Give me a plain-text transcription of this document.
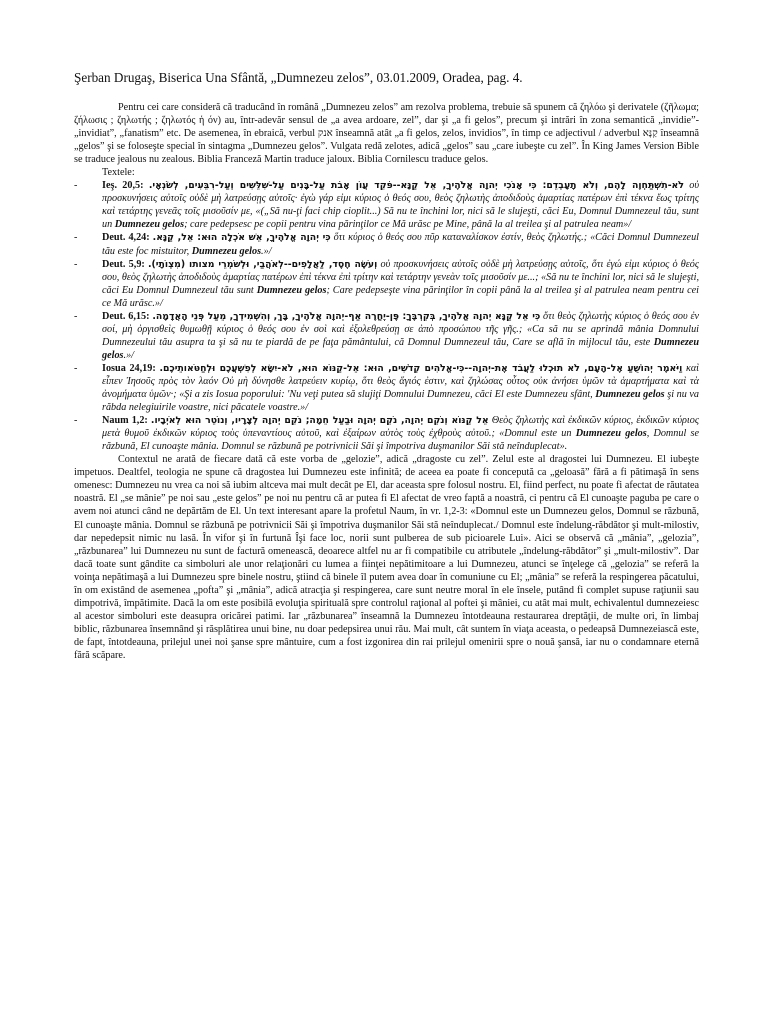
Şerban Drugaş, Biserica Una Sfântă, „Dumnezeu zelos”, 03.01.2009, Oradea, pag. 4.

Pentru cei care consideră că traducând în română „Dumnezeu zelos” am rezolva problema, trebuie să spunem că ζηλόω şi derivatele (ζῆλωμα; ζήλωσις ; ζηλωτής ; ζηλωτός ἡ όν) au, într-adevăr sensul de „a avea ardoare, zel”, dar şi „a fi gelos”, precum şi intrări în zona semantică „invidie”-„invidiat”, „fanatism” etc. De asemenea, în ebraică, verbul אנק înseamnă atât „a fi gelos, zelos, invidios”, în timp ce adjectivul / adverbul קַנָּא înseamnă „gelos” şi se foloseşte special în sintagma „Dumnezeu gelos”. Vulgata redă zelotes, adică „gelos” sau „care iubeşte cu zel”. În King James Version Bible se traduce jealous nu zealous. Biblia Franceză Martin traduce jaloux. Biblia Cornilescu traduce gelos.

Textele:

- Ieş. 20,5: לֹא-תִשְׁתַּחְוֶה לָהֶם, וְלֹא תָעָבְדֵם: כִּי אָנֹכִי יְהוָה אֱלֹהֶיךָ, אֵל קַנָּא--פֹּקֵד עֲוֹן אָבֹת עַל-בָּנִים עַל-שִׁלֵּשִׁים וְעַל-רִבֵּעִים, לְשֹׂנְאָי. οὐ προσκυνήσεις αὐτοῖς οὐδὲ μὴ λατρεύσῃς αὐτοῖς· ἐγὼ γάρ εἰμι κύριος ὁ θεός σου, θεὸς ζηλωτὴς ἀποδιδοὺς ἁμαρτίας πατέρων ἐπὶ τέκνα ἕως τρίτης καὶ τετάρτης γενεᾶς τοῖς μισοῦσίν με, «(„Să nu-ţi faci chip cioplit...) Să nu te închini lor, nici să le slujeşti, căci Eu, Domnul Dumnezeul tău, sunt un Dumnezeu gelos; care pedepsesc pe copii pentru vina părinţilor ce Mă urăsc pe Mine, până la al treilea şi al patrulea neam»/

- Deut. 4,24: כִּי יְהוָה אֱלֹהֶיךָ, אֵשׁ אֹכְלָה הוּא: אֵל, קַנָּא. ὅτι κύριος ὁ θεός σου πῦρ καταναλίσκον ἐστίν, θεὸς ζηλωτής.; «Căci Domnul Dumnezeul tău este foc mistuitor, Dumnezeu gelos.»/

- Deut. 5,9: וְעֹשֶׂה חֶסֶד, לַאֲלָפִים--לְאֹהֲבַי, וּלְשֹׁמְרֵי מצותו (מִצְוֹתָי). οὐ προσκυνήσεις αὐτοῖς οὐδὲ μὴ λατρεύσῃς αὐτοῖς, ὅτι ἐγώ εἰμι κύριος ὁ θεός σου, θεὸς ζηλωτὴς ἀποδιδοὺς ἁμαρτίας πατέρων ἐπὶ τέκνα ἐπὶ τρίτην καὶ τετάρτην γενεὰν τοῖς μισοῦσίν με...; «Să nu te închini lor, nici să le slujeşti, căci Eu Domnul Dumnezeul tău sunt Dumnezeu gelos; Care pedepseşte vina părinţilor în copii până la al treilea şi al patrulea neam pentru cei ce Mă urăsc.»/

- Deut. 6,15: כִּי אֵל קַנָּא יְהוָה אֱלֹהֶיךָ, בְּקִרְבֶּךָ: פֶּן-יֶחֱרֶה אַף-יְהוָה אֱלֹהֶיךָ, בָּךְ, וְהִשְׁמִידְךָ, מֵעַל פְּנֵי הָאֲדָמָה. ὅτι θεὸς ζηλωτὴς κύριος ὁ θεός σου ἐν σοί, μὴ ὀργισθεὶς θυμωθῇ κύριος ὁ θεός σου ἐν σοὶ καὶ ἐξολεθρεύσῃ σε ἀπὸ προσώπου τῆς γῆς.; «Ca să nu se aprindă mânia Domnului Dumnezeului tău asupra ta şi să nu te piardă de pe faţa pământului, că Domnul Dumnezeul tău, Care se află în mijlocul tău, este Dumnezeu gelos.»/

- Iosua 24,19: וַיֹּאמֶר יְהוֹשֻׁעַ אֶל-הָעָם, לֹא תוּכְלוּ לַעֲבֹד אֶת-יְהוָה--כִּי-אֱלֹהִים קְדֹשִׁים, הוּא: אֵל-קַנּוֹא הוּא, לֹא-יִשָּׂא לְפִשְׁעֲכֶם וּלְחַטֹּאותֵיכֶם. καὶ εἶπεν Ἰησοῦς πρὸς τὸν λαόν Οὐ μὴ δύνησθε λατρεύειν κυρίῳ, ὅτι θεὸς ἅγιός ἐστιν, καὶ ζηλώσας οὗτος οὐκ ἀνήσει ὑμῶν τὰ ἁμαρτήματα καὶ τὰ ἀνομήματα ὑμῶν·; «Şi a zis Iosua poporului: 'Nu veţi putea să slujiţi Domnului Dumnezeu, căci El este Dumnezeu sfânt, Dumnezeu gelos şi nu va răbda nelegiuirile voastre, nici păcatele voastre.»/

- Naum 1,2: אֵל קַנּוֹא וְנֹקֵם יְהוָה, נֹקֵם יְהוָה וּבַעַל חֵמָה; נֹקֵם יְהוָה לְצָרָיו, וְנוֹטֵר הוּא לְאֹיְבָיו. Θεὸς ζηλωτὴς καὶ ἐκδικῶν κύριος, ἐκδικῶν κύριος μετὰ θυμοῦ ἐκδικῶν κύριος τοὺς ὑπεναντίους αὐτοῦ, καὶ ἐξαίρων αὐτὸς τοὺς ἐχθροὺς αὐτοῦ.; «Domnul este un Dumnezeu gelos, Domnul se răzbună, El cunoaşte mânia. Domnul se răzbună pe potrivnicii Săi şi împotriva duşmanilor Săi stă neînduplecat».

Contextul ne arată de fiecare dată că este vorba de „gelozie”, adică „dragoste cu zel”. Zelul este al dragostei lui Dumnezeu. El iubeşte impetuos. Dealtfel, teologia ne spune că dragostea lui Dumnezeu este infinită; de aceea ea poate fi concepută ca „geloasă” fără a fi pătimaşă în sens omenesc: Dumnezeu nu vrea ca noi să iubim altceva mai mult decât pe El, dar aceasta spre folosul nostru. El, fiind perfect, nu poate fi afectat de răutatea noastră. El „se mânie” pe noi sau „este gelos” pe noi nu pentru că ar putea fi El afectat de vreo faptă a noastră, ci pentru că El cunoaşte paguba pe care o avem noi atunci când ne depărtăm de El. Un text interesant apare la profetul Naum, în vr. 1,2-3: «Domnul este un Dumnezeu gelos, Domnul se răzbună, El cunoaşte mânia. Domnul se răzbună pe potrivnicii Săi şi împotriva duşmanilor Săi stă neînduplecat./ Domnul este îndelung-răbdător şi mult-milostiv, dar nepedepsit nimic nu lasă. În vifor şi în furtună Îşi face loc, norii sunt pulberea de sub picioarele Lui». Aici se observă că „mânia”, „gelozia”, „răzbunarea” lui Dumnezeu nu sunt de factură omenească, deoarece altfel nu ar fi compatibile cu atributele „îndelung-răbdător” şi „mult-milostiv”. Dar dacă toate sunt gândite ca simboluri ale unor relaţionări cu lumea a fiinţei nepătimitoare a lui Dumnezeu, atunci se înţelege că „gelozia” se referă la voinţa nepătimaşă a lui Dumnezeu spre binele nostru, ştiind că binele îl putem avea doar în comuniune cu El; „mânia” se referă la respingerea păcatului, în om existând de asemenea „pofta” şi „mânia”, adică atracţia şi respingerea, care sunt neutre moral în ele însele, putând fi complet supuse raţiunii sau dimpotrivă, împătimite. Dacă la om este posibilă evoluţia spirituală spre controlul raţional al poftei şi mâniei, cu atât mai mult, echivalentul dumnezeiesc al acestor simboluri este deasupra oricărei patimi. Iar „răzbunarea” înseamnă la Dumnezeu întotdeauna restaurarea dreptăţii, de multe ori, în limbaj biblic, răzbunarea însemnând şi răsplătirea unui bine, nu doar pedepsirea unui rău. Mai mult, cât suntem în viaţa aceasta, o pedeapsă Dumnezeiască este, de fapt, întotdeauna, prilejul unei noi şanse spre mântuire, cum a fost izgonirea din rai prilejul omenirii spre o nouă şansă, iar nu o condamnare eternă fără scăpare.
